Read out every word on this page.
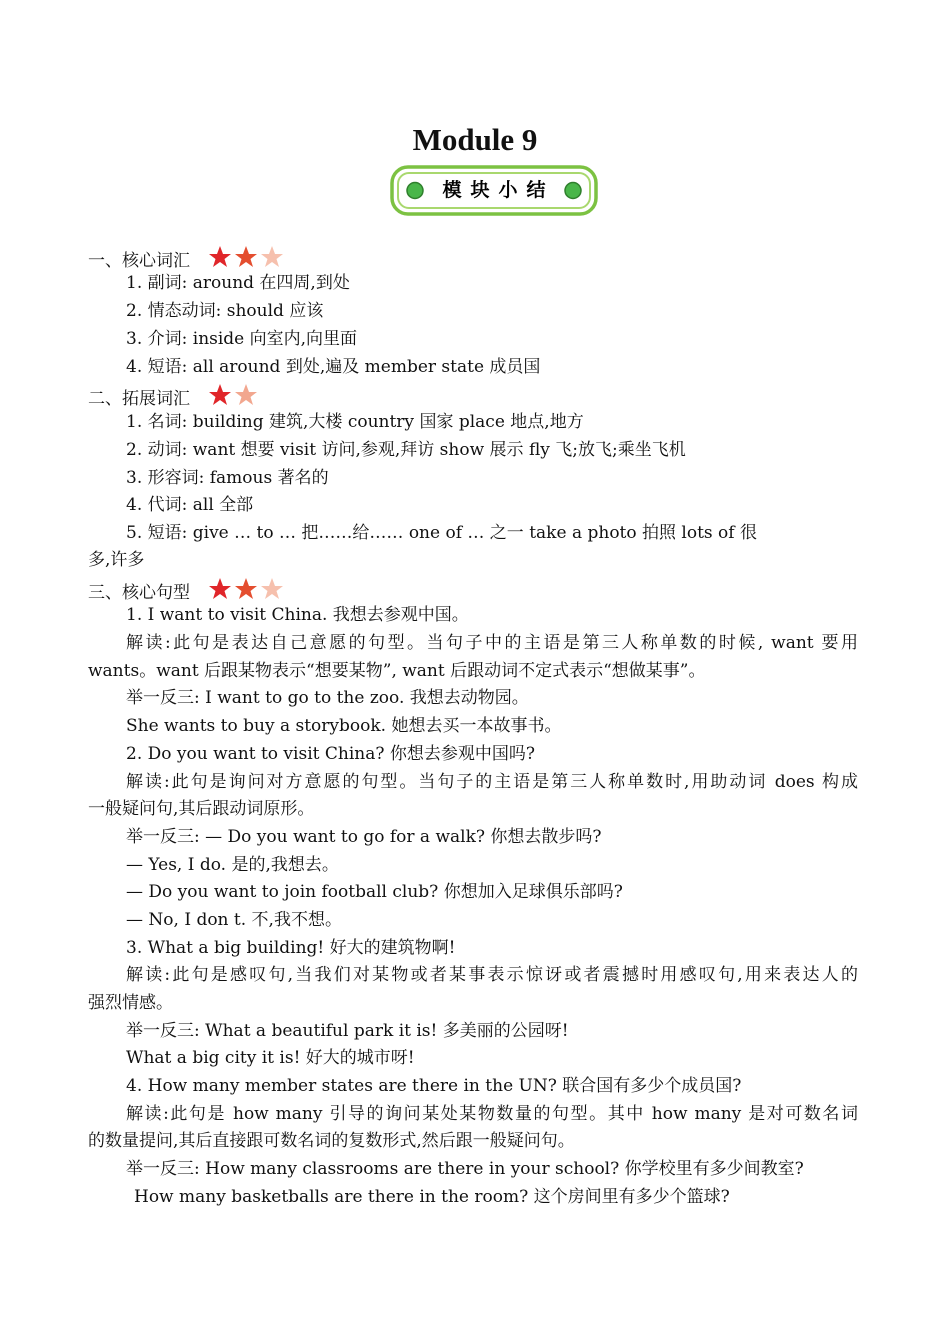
Module 9
模块小结
一、核心词汇
1. 副词: around 在四周,到处
2. 情态动词: should 应该
3. 介词: inside 向室内,向里面
4. 短语: all around 到处,遍及 member state 成员国
二、拓展词汇
1. 名词: building 建筑,大楼 country 国家 place 地点,地方
2. 动词: want 想要 visit 访问,参观,拜访 show 展示 fly 飞;放飞;乘坐飞机
3. 形容词: famous 著名的
4. 代词: all 全部
5. 短语: give … to … 把……给…… one of … 之一 take a photo 拍照 lots of 很
多,许多
三、核心句型
1. I want to visit China. 我想去参观中国。
解读:此句是表达自己意愿的句型。当句子中的主语是第三人称单数的时候, want 要用
wants。want 后跟某物表示“想要某物”, want 后跟动词不定式表示“想做某事”。
举一反三: I want to go to the zoo. 我想去动物园。
She wants to buy a storybook. 她想去买一本故事书。
2. Do you want to visit China? 你想去参观中国吗?
解读:此句是询问对方意愿的句型。当句子的主语是第三人称单数时,用助动词 does 构成
一般疑问句,其后跟动词原形。
举一反三: — Do you want to go for a walk? 你想去散步吗?
— Yes, I do. 是的,我想去。
— Do you want to join football club? 你想加入足球俱乐部吗?
— No, I don t. 不,我不想。
3. What a big building! 好大的建筑物啊!
解读:此句是感叹句,当我们对某物或者某事表示惊讶或者震撼时用感叹句,用来表达人的
强烈情感。
举一反三: What a beautiful park it is! 多美丽的公园呀!
What a big city it is! 好大的城市呀!
4. How many member states are there in the UN? 联合国有多少个成员国?
解读:此句是 how many 引导的询问某处某物数量的句型。其中 how many 是对可数名词
的数量提问,其后直接跟可数名词的复数形式,然后跟一般疑问句。
举一反三: How many classrooms are there in your school? 你学校里有多少间教室?
How many basketballs are there in the room? 这个房间里有多少个篮球?
